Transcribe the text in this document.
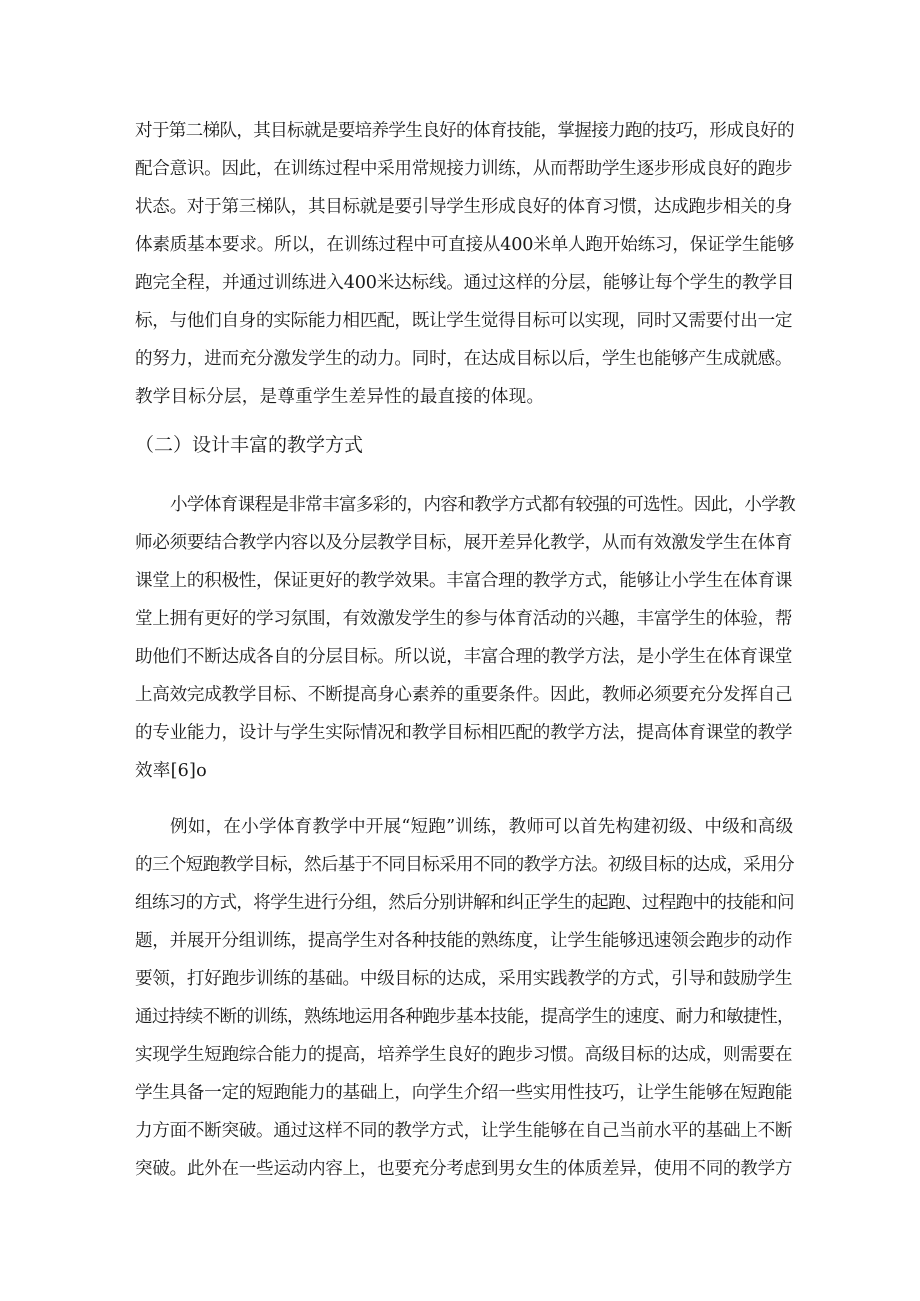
对于第二梯队，其目标就是要培养学生良好的体育技能，掌握接力跑的技巧，形成良好的
配合意识。因此，在训练过程中采用常规接力训练，从而帮助学生逐步形成良好的跑步
状态。对于第三梯队，其目标就是要引导学生形成良好的体育习惯，达成跑步相关的身
体素质基本要求。所以，在训练过程中可直接从400米单人跑开始练习，保证学生能够
跑完全程，并通过训练进入400米达标线。通过这样的分层，能够让每个学生的教学目
标，与他们自身的实际能力相匹配，既让学生觉得目标可以实现，同时又需要付出一定
的努力，进而充分激发学生的动力。同时，在达成目标以后，学生也能够产生成就感。
教学目标分层，是尊重学生差异性的最直接的体现。
（二）设计丰富的教学方式
小学体育课程是非常丰富多彩的，内容和教学方式都有较强的可选性。因此，小学教
师必须要结合教学内容以及分层教学目标，展开差异化教学，从而有效激发学生在体育
课堂上的积极性，保证更好的教学效果。丰富合理的教学方式，能够让小学生在体育课
堂上拥有更好的学习氛围，有效激发学生的参与体育活动的兴趣，丰富学生的体验，帮
助他们不断达成各自的分层目标。所以说，丰富合理的教学方法，是小学生在体育课堂
上高效完成教学目标、不断提高身心素养的重要条件。因此，教师必须要充分发挥自己
的专业能力，设计与学生实际情况和教学目标相匹配的教学方法，提高体育课堂的教学
效率[6]o
例如，在小学体育教学中开展“短跑”训练，教师可以首先构建初级、中级和高级
的三个短跑教学目标，然后基于不同目标采用不同的教学方法。初级目标的达成，采用分
组练习的方式，将学生进行分组，然后分别讲解和纠正学生的起跑、过程跑中的技能和问
题，并展开分组训练，提高学生对各种技能的熟练度，让学生能够迅速领会跑步的动作
要领，打好跑步训练的基础。中级目标的达成，采用实践教学的方式，引导和鼓励学生
通过持续不断的训练，熟练地运用各种跑步基本技能，提高学生的速度、耐力和敏捷性，
实现学生短跑综合能力的提高，培养学生良好的跑步习惯。高级目标的达成，则需要在
学生具备一定的短跑能力的基础上，向学生介绍一些实用性技巧，让学生能够在短跑能
力方面不断突破。通过这样不同的教学方式，让学生能够在自己当前水平的基础上不断
突破。此外在一些运动内容上，也要充分考虑到男女生的体质差异，使用不同的教学方
